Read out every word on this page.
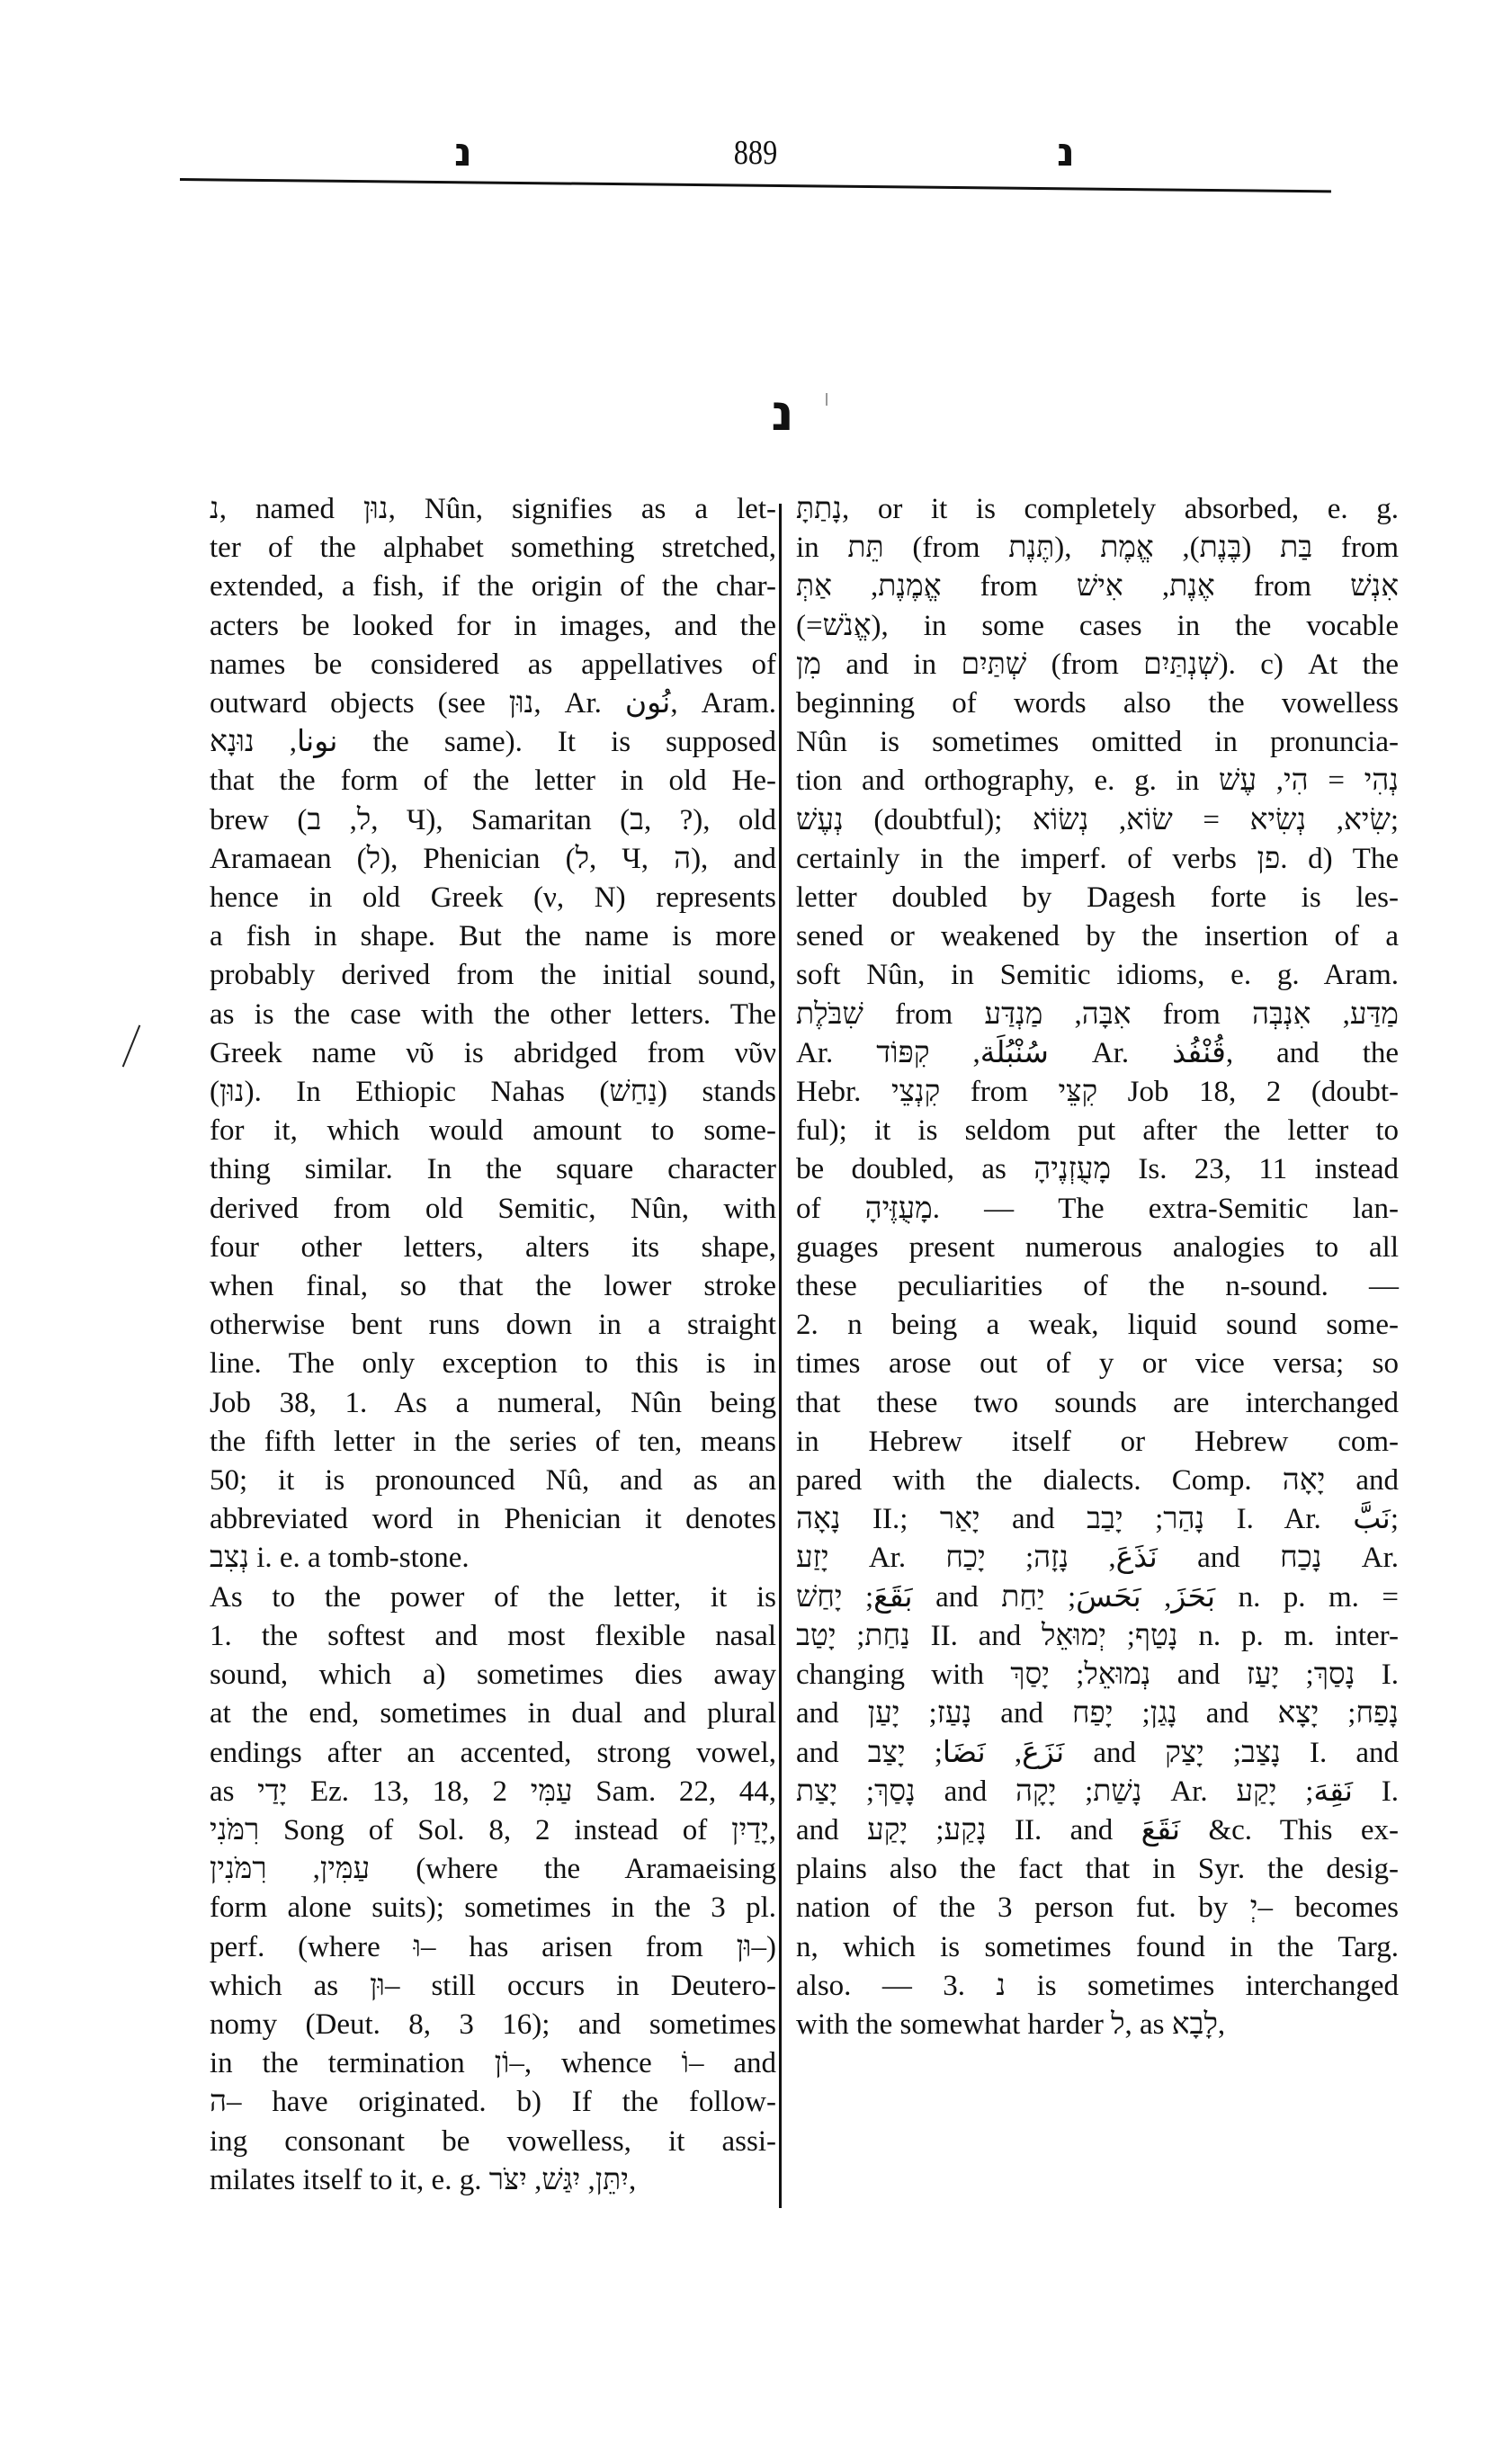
נ	889	נ
נ

נ, named נוּן, Nûn, signifies as a let-
ter of the alphabet something stretched,
extended, a fish, if the origin of the char-
acters be looked for in images, and the
names be considered as appellatives of
outward objects (see נוּן, Ar. نُون, Aram.
نونا, נוּנָא the same). It is supposed
that the form of the letter in old He-
brew (ל, ב, Ч), Samaritan (ב, ?), old
Aramaean (ל), Phenician (ל, Ч, ה), and
hence in old Greek (ν, N) represents
a fish in shape. But the name is more
probably derived from the initial sound,
as is the case with the other letters. The
Greek name νῦ is abridged from νῦν
(נוּן). In Ethiopic Nahas (נַחַשׁ) stands
for it, which would amount to some-
thing similar. In the square character
derived from old Semitic, Nûn, with
four other letters, alters its shape,
when final, so that the lower stroke
otherwise bent runs down in a straight
line. The only exception to this is in
Job 38, 1. As a numeral, Nûn being
the fifth letter in the series of ten, means
50; it is pronounced Nû, and as an
abbreviated word in Phenician it denotes
נְצִב i. e. a tomb-stone.

As to the power of the letter, it is
1. the softest and most flexible nasal
sound, which a) sometimes dies away
at the end, sometimes in dual and plural
endings after an accented, strong vowel,
as יָדַי Ez. 13, 18, עַמִּי 2 Sam. 22, 44,
רִמֹּנִי Song of Sol. 8, 2 instead of יָדַיִן,
עַמִּין, רִמֹּנִין (where the Aramaeising
form alone suits); sometimes in the 3 pl.
perf. (where וּ– has arisen from וּן–)
which as וּן– still occurs in Deutero-
nomy (Deut. 8, 3 16); and sometimes
in the termination וֹן–, whence וֹ– and
ה– have originated. b) If the follow-
ing consonant be vowelless, it assi-
milates itself to it, e. g. יִתֵּן, יִגַּשׁ, יִצֹּר,

נָתַתָּ, or it is completely absorbed, e. g.
in תֵּת (from תֶּנֶת), בַּת (בֶּנֶת), אֱמֶת from
אֱמֶנֶת, אַתְּ from אֶנֶת, אִישׁ from אִנְשׁ
(=אֱנֹשׁ), in some cases in the vocable
מִן and in שְׁתַּיִם (from שְׁנְתַּיִם). c) At the
beginning of words also the vowelless
Nûn is sometimes omitted in pronuncia-
tion and orthography, e. g. in נְהִי = הִי, עֶשׁ
נְעֶשׁ (doubtful); שִׂיא, נְשִׂיא = שׂוֹא, נְשׂוֹא;
certainly in the imperf. of verbs פן. d) The
letter doubled by Dagesh forte is les-
sened or weakened by the insertion of a
soft Nûn, in Semitic idioms, e. g. Aram.
שִׁבֹּלֶת from אִבָּה, מַנְדַּע from מַדַּע, אִנְבְּה
Ar. سُنْبُلَة, קִפּוֹד Ar. قُنْفُذ, and the
Hebr. קִנְצֵי from קִצֵּי Job 18, 2 (doubt-
ful); it is seldom put after the letter to
be doubled, as מָעֻזְנֶיהָ Is. 23, 11 instead
of מָעֻזֶּיהָ. — The extra-Semitic lan-
guages present numerous analogies to all
these peculiarities of the n-sound. —
2. n being a weak, liquid sound some-
times arose out of y or vice versa; so
that these two sounds are interchanged
in Hebrew itself or Hebrew com-
pared with the dialects. Comp. יָאָה and
נָאָה II.; יָאַר and נָהַר; יָבַב I. Ar. نَبَّ;
יָזַע Ar. نَذَعَ, נָזָה; יָכַח and נָכַח Ar.
بَقَعَ; יָחַשׁ and بَحَزَ, بَحَسَ; יַחַת n. p. m. =
נַחַת; יָטַב II. and נָטַף; יְמוּאֵל n. p. m. inter-
changing with נְמוּאֵל; יָסַךְ and נָסַךְ; יָעַז I.
and נָעַז; יָעַן and נָגַן; יָפַח and נָפַח; יָצָא
and نَزَعَ, نَضَا; יָצַב and נָצַב; יָצַק I. and
נָסַךְ; יָצַת and נָשַׁת; יָקָה Ar. نَقِهَ; יָקַע I.
and נָקַע; יָקַע II. and نَقَعَ &c. This ex-
plains also the fact that in Syr. the desig-
nation of the 3 person fut. by יְ– becomes
n, which is sometimes found in the Targ.
also. — 3. נ is sometimes interchanged
with the somewhat harder ל, as לָבָא,
